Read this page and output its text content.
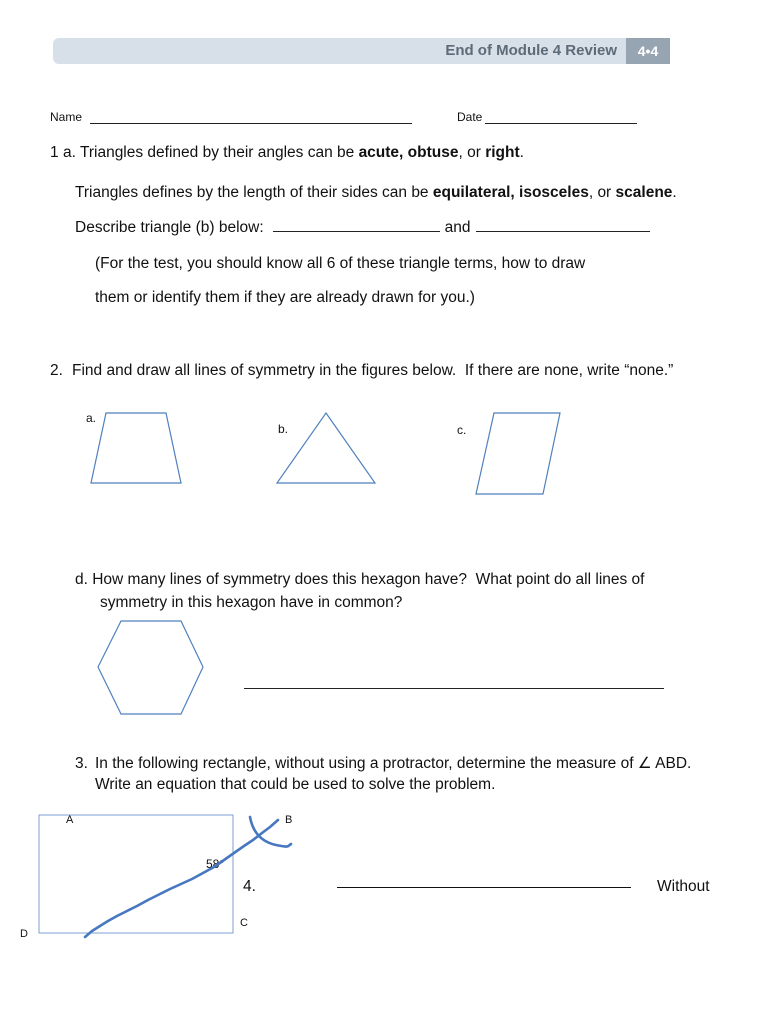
End of Module 4 Review	4•4
Name	Date
1 a. Triangles defined by their angles can be acute, obtuse, or right.
Triangles defines by the length of their sides can be equilateral, isosceles, or scalene.
Describe triangle (b) below:	and
(For the test, you should know all 6 of these triangle terms, how to draw
them or identify them if they are already drawn for you.)
2. Find and draw all lines of symmetry in the figures below.  If there are none, write “none.”
a.
b.	c.
d. How many lines of symmetry does this hexagon have?  What point do all lines of
symmetry in this hexagon have in common?
3. In the following rectangle, without using a protractor, determine the measure of ∠ ABD.
Write an equation that could be used to solve the problem.
A	B
C
D
58°
4.	Without
